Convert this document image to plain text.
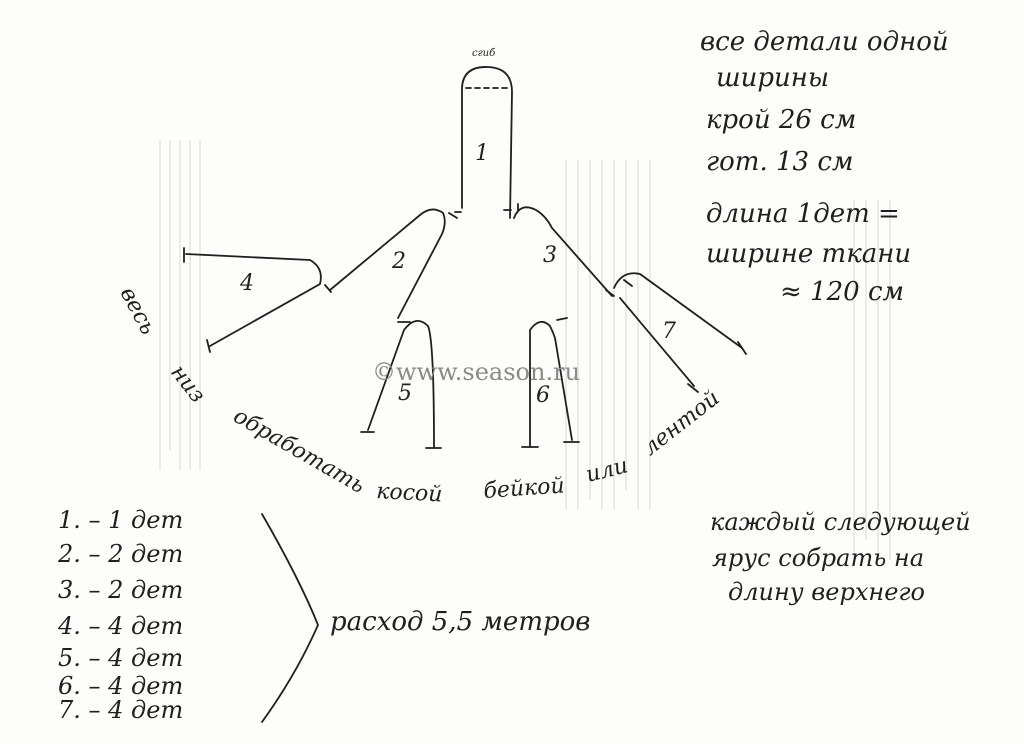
1
2	3
4
5	6
7
сгиб
весь
низ
обработать косой бейкой
или
лентой
©www.season.ru
все детали одной
ширины
крой 26 см
гот. 13 см
длина 1дет =
ширине ткани
≈ 120 см
1. – 1 дет
2. – 2 дет
3. – 2 дет
4. – 4 дет
5. – 4 дет
6. – 4 дет
7. – 4 дет
расход 5,5 метров
каждый следующей
ярус собрать на
длину верхнего
